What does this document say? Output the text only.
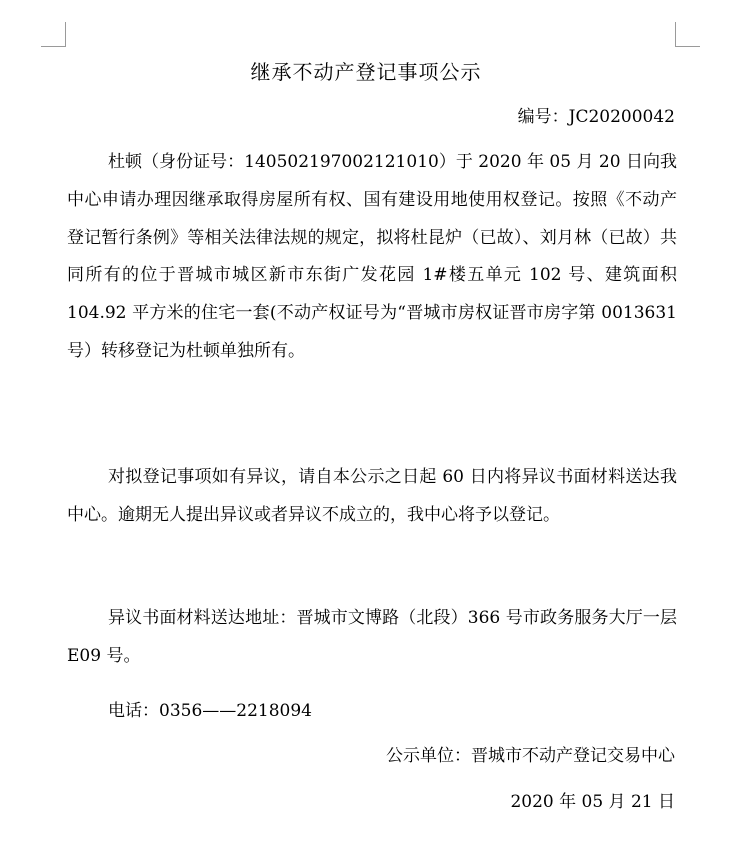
继承不动产登记事项公示
编号：JC20200042
杜顿（身份证号：140502197002121010）于 2020 年 05 月 20 日向我中心申请办理因继承取得房屋所有权、国有建设用地使用权登记。按照《不动产登记暂行条例》等相关法律法规的规定，拟将杜昆炉（已故）、刘月林（已故）共同所有的位于晋城市城区新市东街广发花园 1#楼五单元 102 号、建筑面积 104.92 平方米的住宅一套(不动产权证号为“晋城市房权证晋市房字第 0013631 号）转移登记为杜顿单独所有。
对拟登记事项如有异议，请自本公示之日起 60 日内将异议书面材料送达我中心。逾期无人提出异议或者异议不成立的，我中心将予以登记。
异议书面材料送达地址：晋城市文博路（北段）366 号市政务服务大厅一层 E09 号。
电话：0356——2218094
公示单位：晋城市不动产登记交易中心
2020 年 05 月 21 日
